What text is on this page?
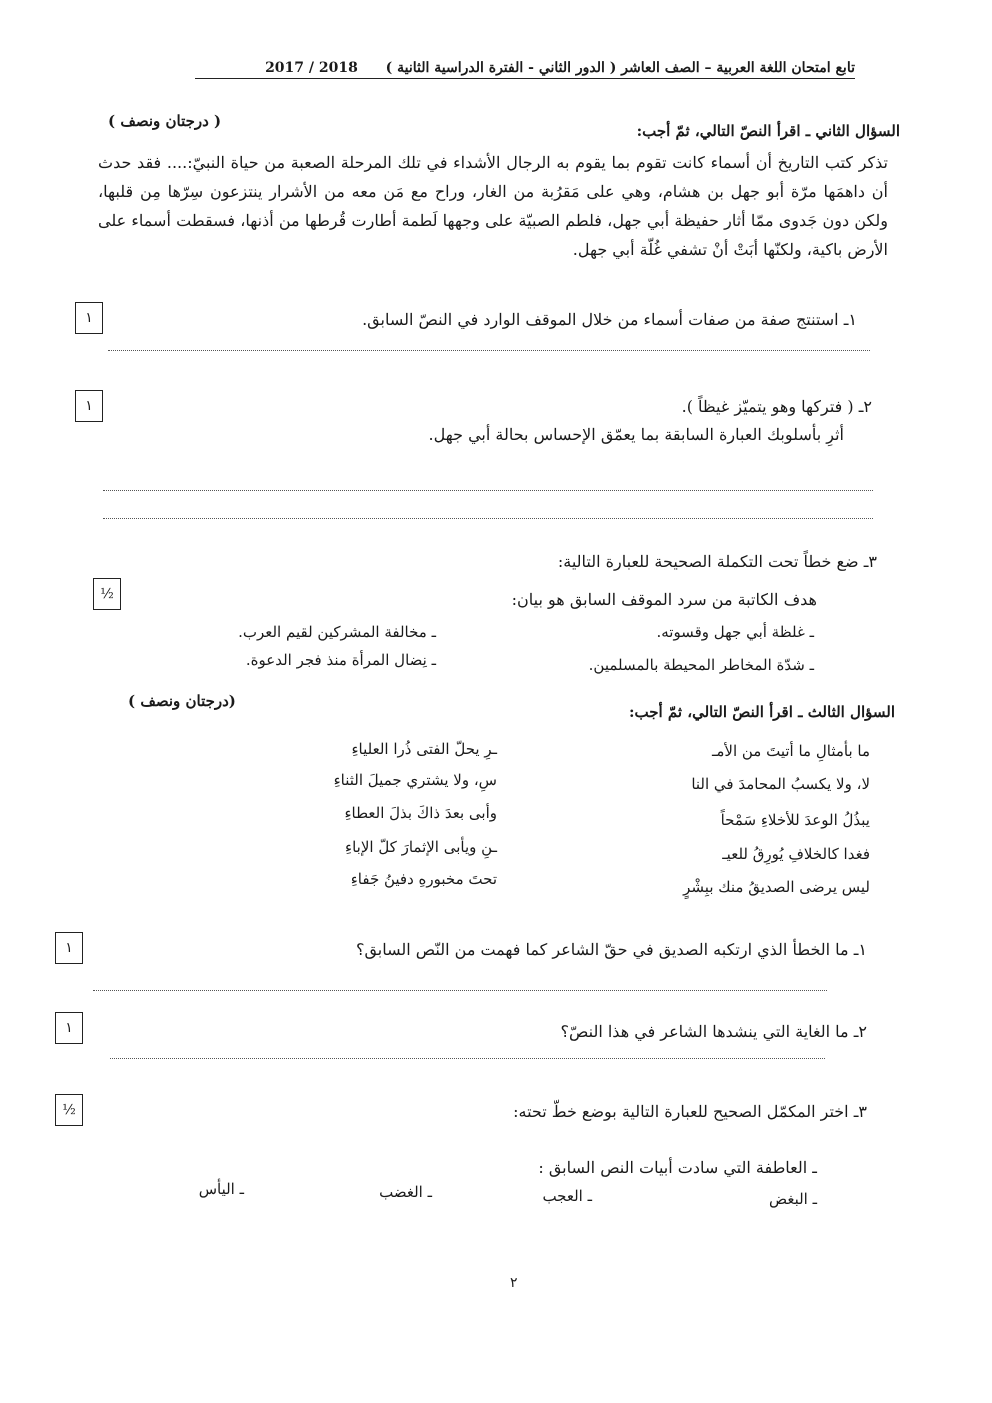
تابع امتحان اللغة العربية – الصف العاشر ( الدور الثاني - الفترة الدراسية الثانية )  2017 / 2018
السؤال الثاني ـ اقرأ النصّ التالي، ثمّ أجب:
( درجتان ونصف )
تذكر كتب التاريخ أن أسماء كانت تقوم بما يقوم به الرجال الأشداء في تلك المرحلة الصعبة من حياة النبيّ:.... فقد حدث أن داهمَها مرّة أبو جهل بن هشام، وهي على مَقرُبة من الغار، وراح مع مَن معه من الأشرار ينتزعون سِرّها مِن قلبها، ولكن دون جَدوى ممّا أثار حفيظة أبي جهل، فلطم الصبيّة على وجهها لَطمة أطارت قُرطها من أذنها، فسقطت أسماء على الأرض باكية، ولكنّها أبَتْ أنْ تشفي غُلّة أبي جهل.
١ـ استنتج صفة من صفات أسماء من خلال الموقف الوارد في النصّ السابق.
١
٢ـ ( فتركها وهو يتميّز غيظاً ).
أثرِ بأسلوبك العبارة السابقة بما يعمّق الإحساس بحالة أبي جهل.
١
٣ـ ضع خطاً تحت التكملة الصحيحة للعبارة التالية:
هدف الكاتبة من سرد الموقف السابق هو بيان:
½
ـ غلظة أبي جهل وقسوته.
ـ مخالفة المشركين لقيم العرب.
ـ شدّة المخاطر المحيطة بالمسلمين.
ـ نِضال المرأة منذ فجر الدعوة.
السؤال الثالث ـ اقرأ النصّ التالي، ثمّ أجب:
(درجتان ونصف )
ما بأمثالِ ما أتيتَ من الأمـ
ـرِ يحلّ الفتى ذُرا العلياءِ
لا، ولا يكسبُ المحامدَ في النا
سِ، ولا يشتري جميلَ الثناءِ
يبذُلُ الوعدَ للأخلاءِ سَمْحاً
وأبى بعدَ ذاكَ بذلَ العطاءِ
فغدا كالخلافِ يُورِقُ للعيـ
ـنِ ويأبى الإثمارَ كلّ الإباءِ
ليس يرضى الصديقُ منك ببِشْرٍ
تحتَ مخبورهِ دفينُ جَفاءِ
١ـ ما الخطأ الذي ارتكبه الصديق في حقّ الشاعر كما فهمت من النّص السابق؟
١
٢ـ ما الغاية التي ينشدها الشاعر في هذا النصّ؟
١
٣ـ اختر المكمّل الصحيح للعبارة التالية بوضع خطّ تحته:
ـ العاطفة التي سادت أبيات النص السابق :
½
ـ البغض
ـ العجب
ـ الغضب
ـ اليأس
٢
